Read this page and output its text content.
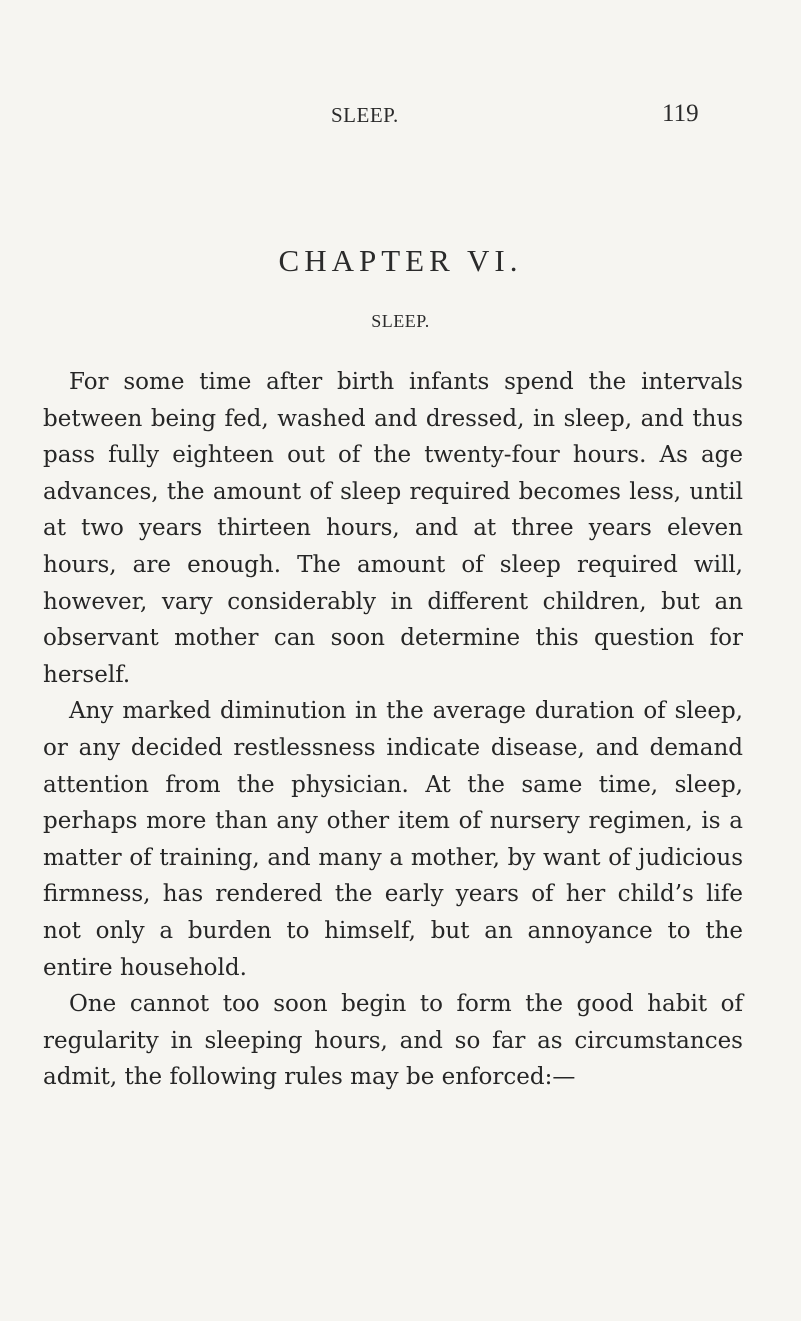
SLEEP.	119
CHAPTER VI.
SLEEP.

For some time after birth infants spend the intervals between being fed, washed and dressed, in sleep, and thus pass fully eighteen out of the twenty-four hours. As age advances, the amount of sleep required becomes less, until at two years thirteen hours, and at three years eleven hours, are enough. The amount of sleep required will, however, vary considerably in different children, but an observant mother can soon determine this question for herself.

Any marked diminution in the average duration of sleep, or any decided restlessness indicate disease, and demand attention from the physician. At the same time, sleep, perhaps more than any other item of nursery regimen, is a matter of training, and many a mother, by want of judicious firmness, has rendered the early years of her child’s life not only a burden to himself, but an annoyance to the entire household.

One cannot too soon begin to form the good habit of regularity in sleeping hours, and so far as circumstances admit, the following rules may be enforced:—
